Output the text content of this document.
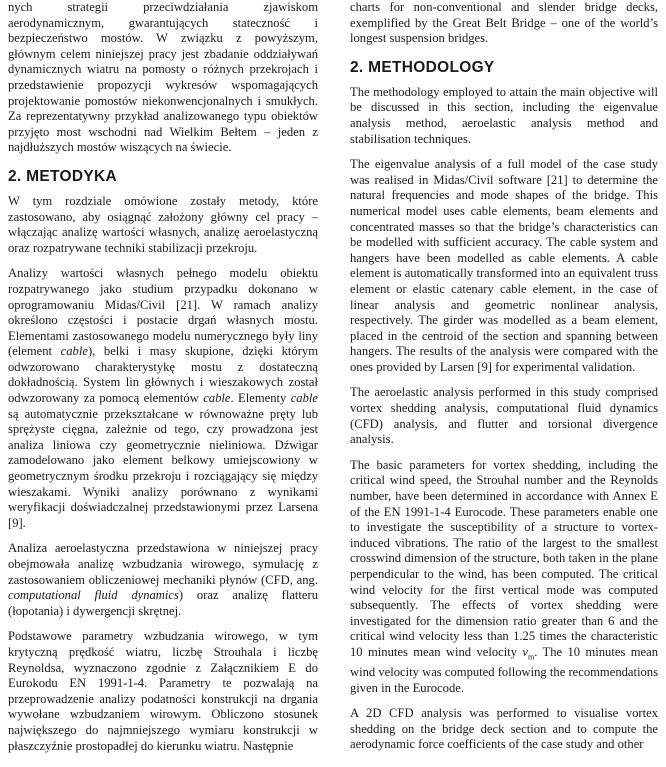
nych strategii przeciwdziałania zjawiskom aerodynamicznym, gwarantujących stateczność i bezpieczeństwo mostów. W związku z powyższym, głównym celem niniejszej pracy jest zbadanie oddziaływań dynamicznych wiatru na pomosty o różnych przekrojach i przedstawienie propozycji wykresów wspomagających projektowanie pomostów niekonwencjonalnych i smukłych. Za reprezentatywny przykład analizowanego typu obiektów przyjęto most wschodni nad Wielkim Bełtem – jeden z najdłuższych mostów wiszących na świecie.

2. METODYKA

W tym rozdziale omówione zostały metody, które zastosowano, aby osiągnąć założony główny cel pracy – włączając analizę wartości własnych, analizę aeroelastyczną oraz rozpatrywane techniki stabilizacji przekroju.

Analizy wartości własnych pełnego modelu obiektu rozpatrywanego jako studium przypadku dokonano w oprogramowaniu Midas/Civil [21]. W ramach analizy określono częstości i postacie drgań własnych mostu. Elementami zastosowanego modelu numerycznego były liny (element cable), belki i masy skupione, dzięki którym odwzorowano charakterystykę mostu z dostateczną dokładnością. System lin głównych i wieszakowych został odwzorowany za pomocą elementów cable. Elementy cable są automatycznie przekształcane w równoważne pręty lub sprężyste cięgna, zależnie od tego, czy prowadzona jest analiza liniowa czy geometrycznie nieliniowa. Dźwigar zamodelowano jako element belkowy umiejscowiony w geometrycznym środku przekroju i rozciągający się między wieszakami. Wyniki analizy porównano z wynikami weryfikacji doświadczalnej przedstawionymi przez Larsena [9].

Analiza aeroelastyczna przedstawiona w niniejszej pracy obejmowała analizę wzbudzania wirowego, symulację z zastosowaniem obliczeniowej mechaniki płynów (CFD, ang. computational fluid dynamics) oraz analizę flatteru (łopotania) i dywergencji skrętnej.

Podstawowe parametry wzbudzania wirowego, w tym krytyczną prędkość wiatru, liczbę Strouhala i liczbę Reynoldsa, wyznaczono zgodnie z Załącznikiem E do Eurokodu EN 1991-1-4. Parametry te pozwalają na przeprowadzenie analizy podatności konstrukcji na drgania wywołane wzbudzaniem wirowym. Obliczono stosunek największego do najmniejszego wymiaru konstrukcji w płaszczyźnie prostopadłej do kierunku wiatru. Następnie

charts for non-conventional and slender bridge decks, exemplified by the Great Belt Bridge – one of the world’s longest suspension bridges.

2. METHODOLOGY

The methodology employed to attain the main objective will be discussed in this section, including the eigenvalue analysis method, aeroelastic analysis method and stabilisation techniques.

The eigenvalue analysis of a full model of the case study was realised in Midas/Civil software [21] to determine the natural frequencies and mode shapes of the bridge. This numerical model uses cable elements, beam elements and concentrated masses so that the bridge’s characteristics can be modelled with sufficient accuracy. The cable system and hangers have been modelled as cable elements. A cable element is automatically transformed into an equivalent truss element or elastic catenary cable element, in the case of linear analysis and geometric nonlinear analysis, respectively. The girder was modelled as a beam element, placed in the centroid of the section and spanning between hangers. The results of the analysis were compared with the ones provided by Larsen [9] for experimental validation.

The aeroelastic analysis performed in this study comprised vortex shedding analysis, computational fluid dynamics (CFD) analysis, and flutter and torsional divergence analysis.

The basic parameters for vortex shedding, including the critical wind speed, the Strouhal number and the Reynolds number, have been determined in accordance with Annex E of the EN 1991-1-4 Eurocode. These parameters enable one to investigate the susceptibility of a structure to vortex-induced vibrations. The ratio of the largest to the smallest crosswind dimension of the structure, both taken in the plane perpendicular to the wind, has been computed. The critical wind velocity for the first vertical mode was computed subsequently. The effects of vortex shedding were investigated for the dimension ratio greater than 6 and the critical wind velocity less than 1.25 times the characteristic 10 minutes mean wind velocity $v_m$. The 10 minutes mean wind velocity was computed following the recommendations given in the Eurocode.

A 2D CFD analysis was performed to visualise vortex shedding on the bridge deck section and to compute the aerodynamic force coefficients of the case study and other
